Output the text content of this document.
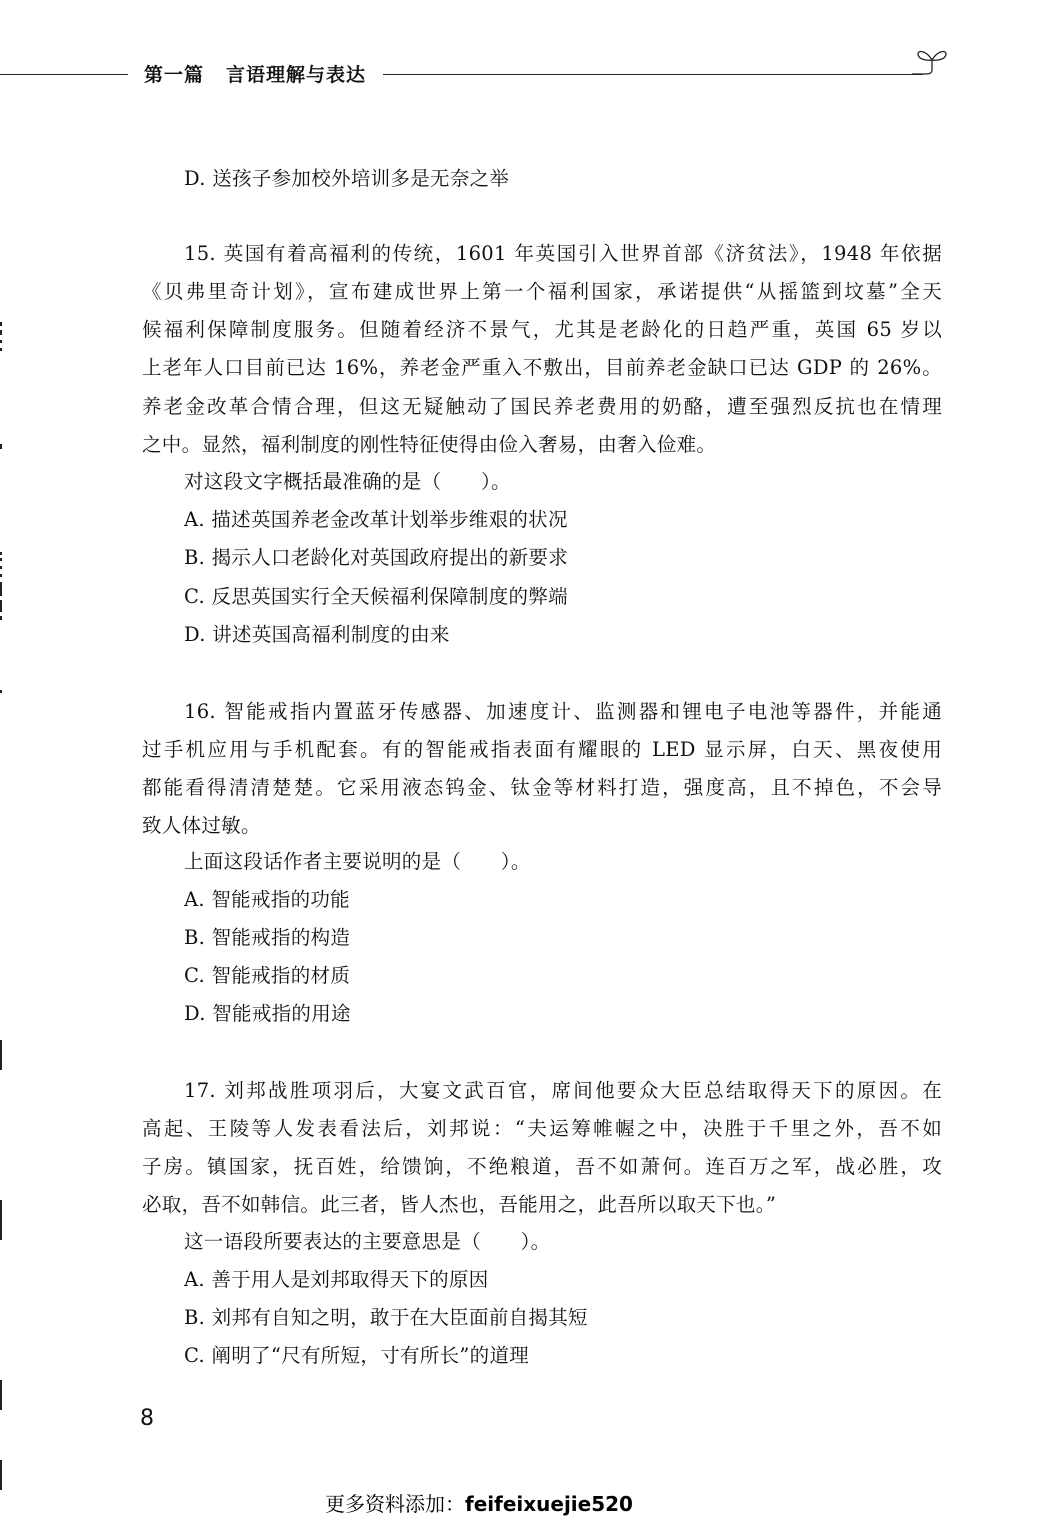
第一篇 言语理解与表达
D. 送孩子参加校外培训多是无奈之举
15. 英国有着高福利的传统，1601 年英国引入世界首部《济贫法》，1948 年依据
《贝弗里奇计划》，宣布建成世界上第一个福利国家，承诺提供“从摇篮到坟墓”全天
候福利保障制度服务。但随着经济不景气，尤其是老龄化的日趋严重，英国 65 岁以
上老年人口目前已达 16%，养老金严重入不敷出，目前养老金缺口已达 GDP 的 26%。
养老金改革合情合理，但这无疑触动了国民养老费用的奶酪，遭至强烈反抗也在情理
之中。显然，福利制度的刚性特征使得由俭入奢易，由奢入俭难。
对这段文字概括最准确的是（　　）。
A. 描述英国养老金改革计划举步维艰的状况
B. 揭示人口老龄化对英国政府提出的新要求
C. 反思英国实行全天候福利保障制度的弊端
D. 讲述英国高福利制度的由来
16. 智能戒指内置蓝牙传感器、加速度计、监测器和锂电子电池等器件，并能通
过手机应用与手机配套。有的智能戒指表面有耀眼的 LED 显示屏，白天、黑夜使用
都能看得清清楚楚。它采用液态钨金、钛金等材料打造，强度高，且不掉色，不会导
致人体过敏。
上面这段话作者主要说明的是（　　）。
A. 智能戒指的功能
B. 智能戒指的构造
C. 智能戒指的材质
D. 智能戒指的用途
17. 刘邦战胜项羽后，大宴文武百官，席间他要众大臣总结取得天下的原因。在
高起、王陵等人发表看法后，刘邦说：“夫运筹帷幄之中，决胜于千里之外，吾不如
子房。镇国家，抚百姓，给馈饷，不绝粮道，吾不如萧何。连百万之军，战必胜，攻
必取，吾不如韩信。此三者，皆人杰也，吾能用之，此吾所以取天下也。”
这一语段所要表达的主要意思是（　　）。
A. 善于用人是刘邦取得天下的原因
B. 刘邦有自知之明，敢于在大臣面前自揭其短
C. 阐明了“尺有所短，寸有所长”的道理
8
更多资料添加：feifeixuejie520
